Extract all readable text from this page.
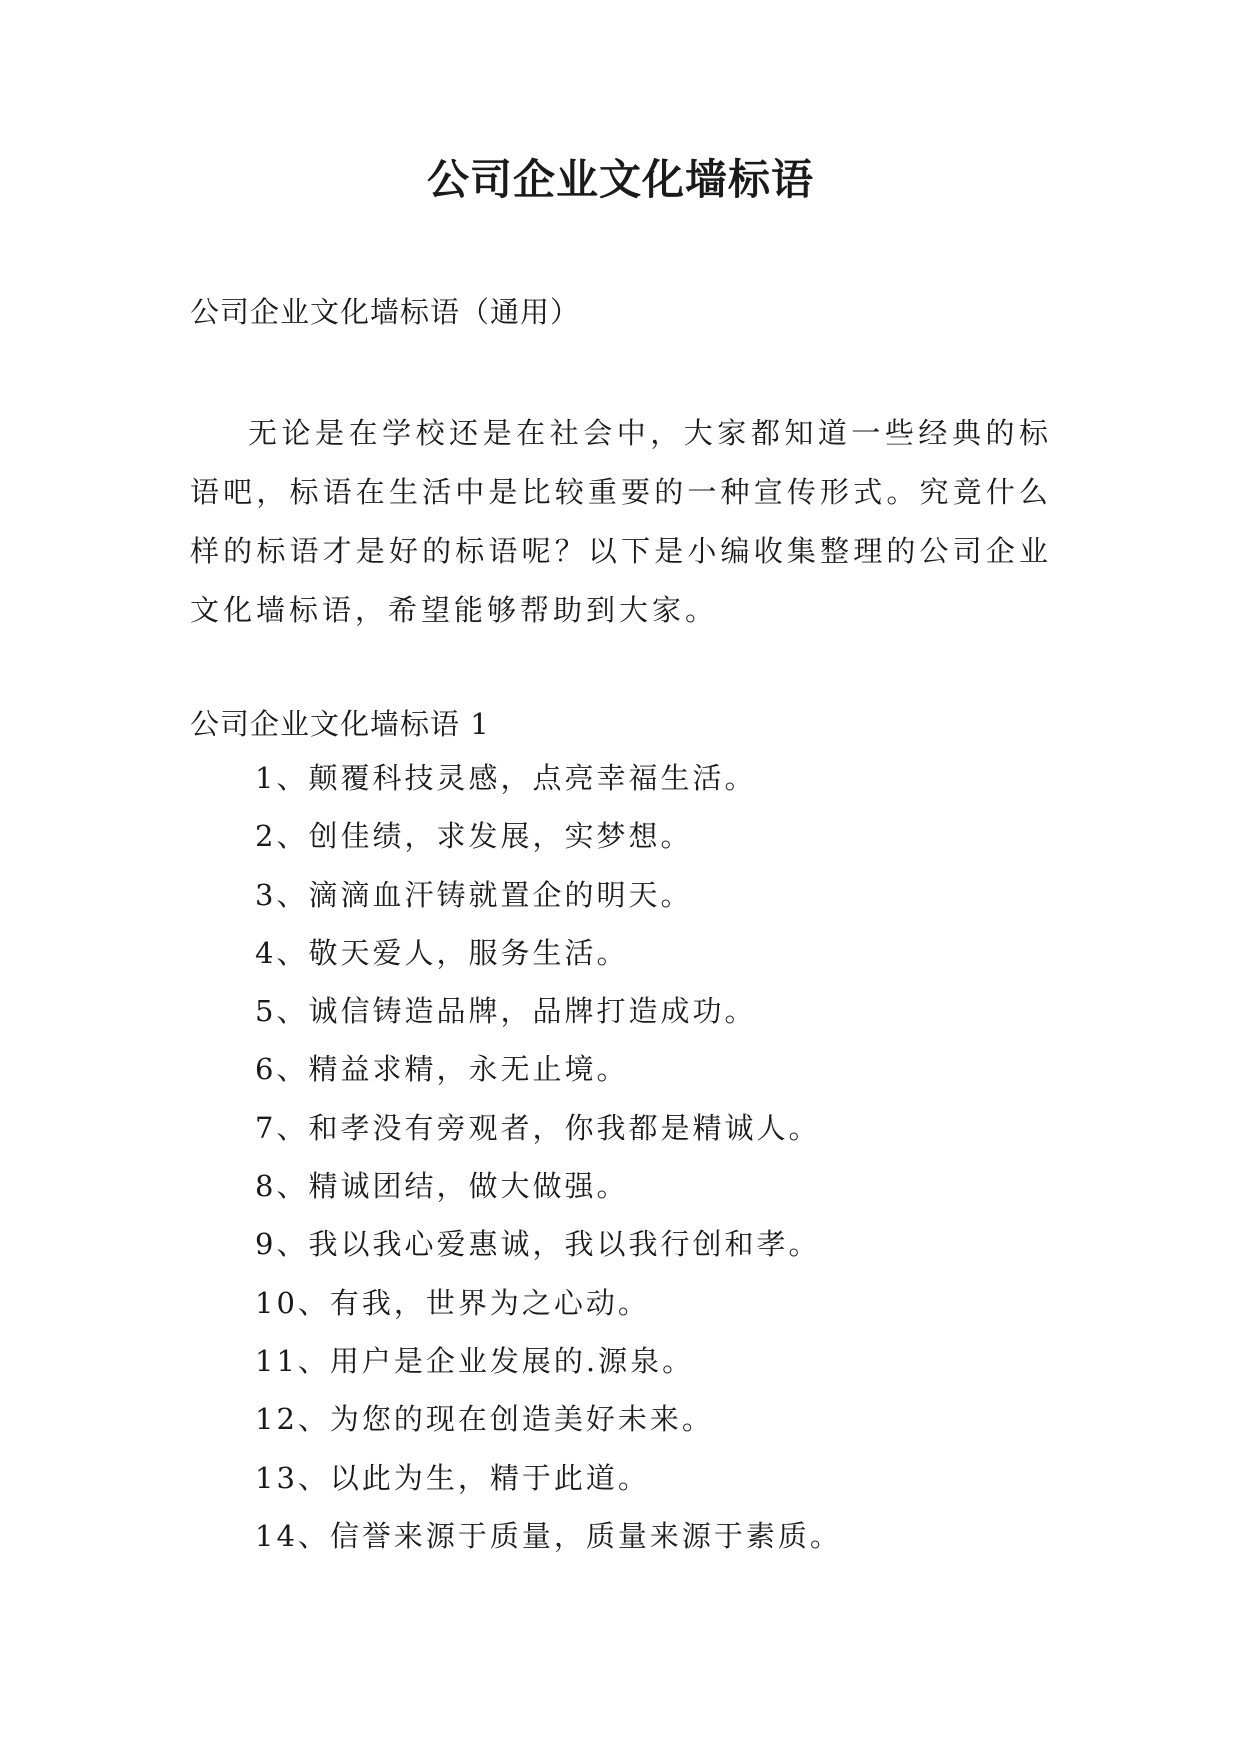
公司企业文化墙标语

公司企业文化墙标语（通用）

无论是在学校还是在社会中，大家都知道一些经典的标语吧，标语在生活中是比较重要的一种宣传形式。究竟什么样的标语才是好的标语呢？以下是小编收集整理的公司企业文化墙标语，希望能够帮助到大家。

公司企业文化墙标语 1

1、颠覆科技灵感，点亮幸福生活。
2、创佳绩，求发展，实梦想。
3、滴滴血汗铸就置企的明天。
4、敬天爱人，服务生活。
5、诚信铸造品牌，品牌打造成功。
6、精益求精，永无止境。
7、和孝没有旁观者，你我都是精诚人。
8、精诚团结，做大做强。
9、我以我心爱惠诚，我以我行创和孝。
10、有我，世界为之心动。
11、用户是企业发展的.源泉。
12、为您的现在创造美好未来。
13、以此为生，精于此道。
14、信誉来源于质量，质量来源于素质。
